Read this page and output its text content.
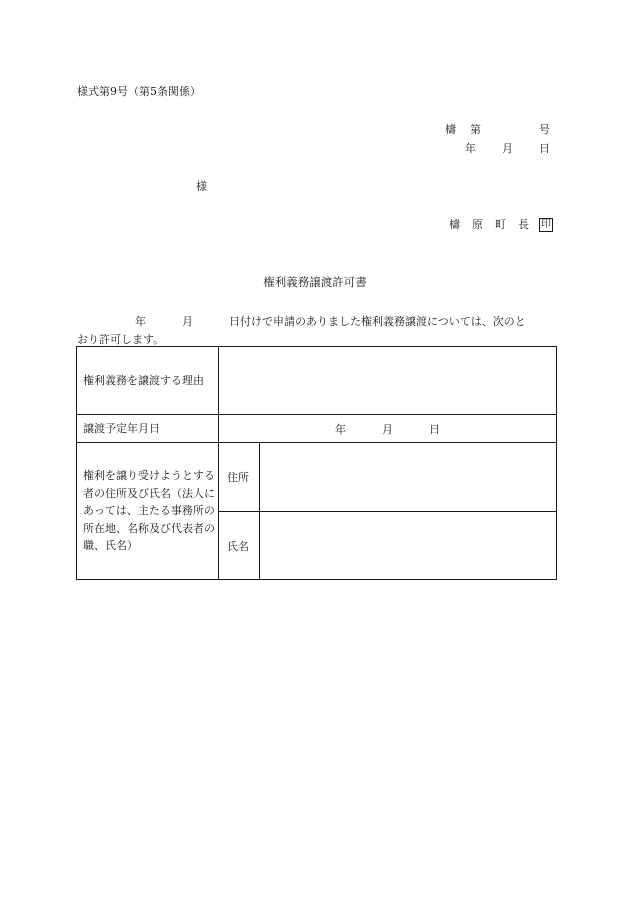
様式第9号（第5条関係）
檮 第	号
年 月 日
様
檮 原 町 長 印
権利義務譲渡許可書
年	月	日付けで申請のありました権利義務譲渡については、次のと
おり許可します。
権利義務を譲渡する理由		
譲渡予定年月日	年 月 日	
権利を譲り受けようとする者の住所及び氏名（法人にあっては、主たる事務所の所在地、名称及び代表者の職、氏名）	住所	
	氏名	
